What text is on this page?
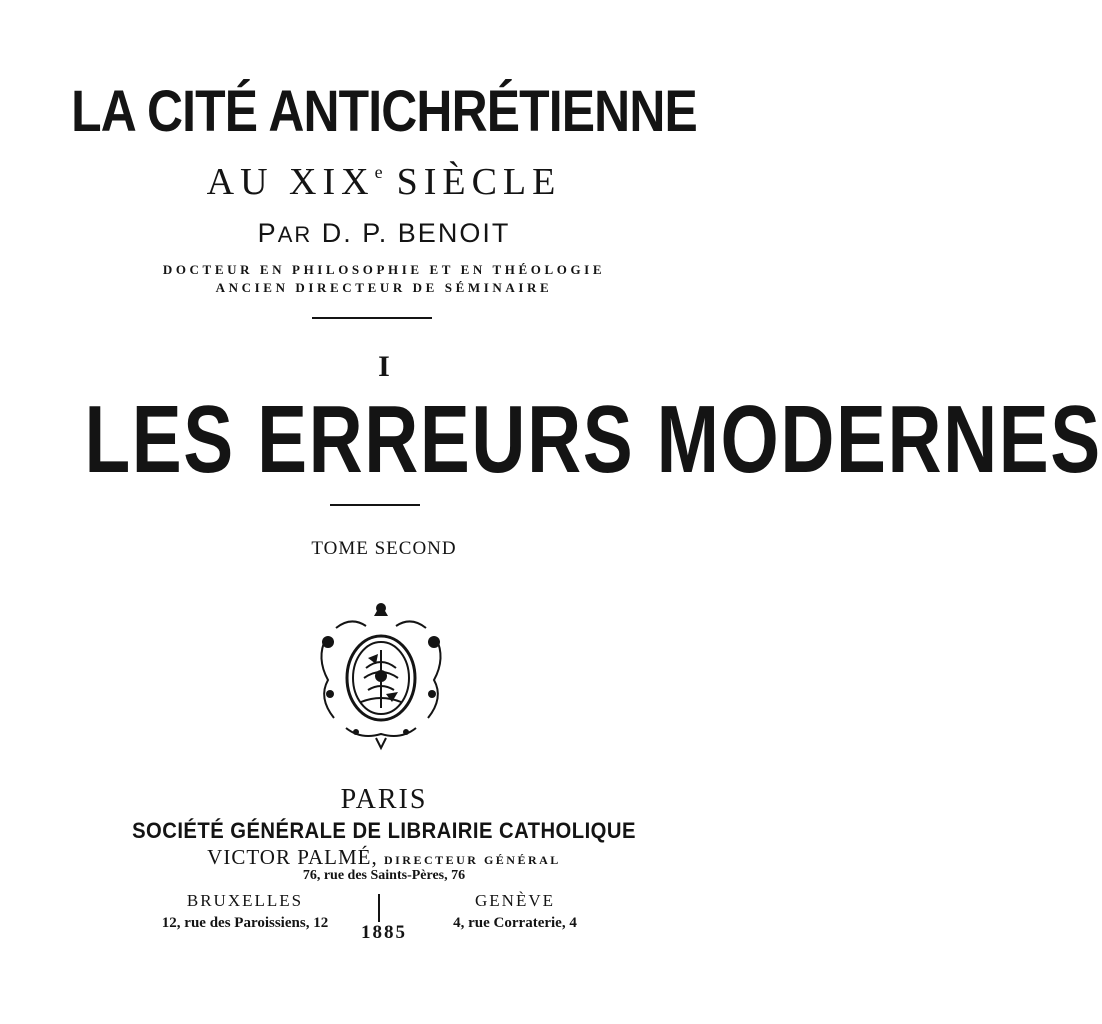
LA CITÉ ANTICHRÉTIENNE
AU XIXe SIÈCLE
PAR D. P. BENOIT
DOCTEUR EN PHILOSOPHIE ET EN THÉOLOGIE
ANCIEN DIRECTEUR DE SÉMINAIRE
I
LES ERREURS MODERNES
TOME SECOND
PARIS
SOCIÉTÉ GÉNÉRALE DE LIBRAIRIE CATHOLIQUE
VICTOR PALMÉ, DIRECTEUR GÉNÉRAL
76, rue des Saints-Pères, 76
BRUXELLES
12, rue des Paroissiens, 12
GENÈVE
4, rue Corraterie, 4
1885
